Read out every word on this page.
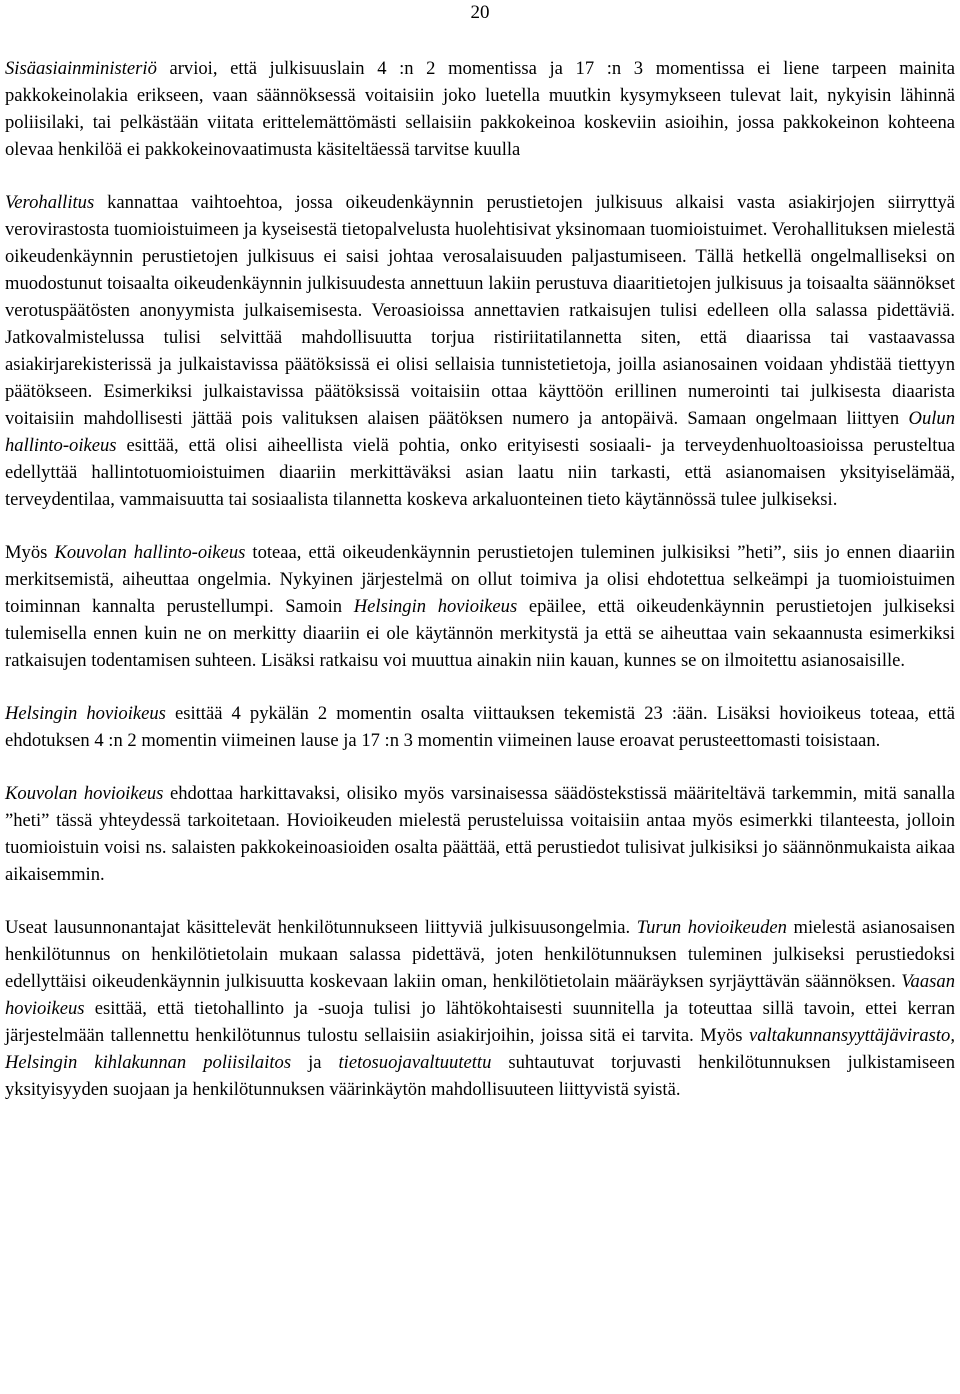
20

Sisäasiainministeriö arvioi, että julkisuuslain 4 :n 2 momentissa ja 17 :n 3 momentissa ei liene tarpeen mainita pakkokeinolakia erikseen, vaan säännöksessä voitaisiin joko luetella muutkin kysymykseen tulevat lait, nykyisin lähinnä poliisilaki, tai pelkästään viitata erittelemättömästi sellaisiin pakkokeinoa koskeviin asioihin, jossa pakkokeinon kohteena olevaa henkilöä ei pakkokeinovaatimusta käsiteltäessä tarvitse kuulla

Verohallitus kannattaa vaihtoehtoa, jossa oikeudenkäynnin perustietojen julkisuus alkaisi vasta asiakirjojen siirryttyä verovirastosta tuomioistuimeen ja kyseisestä tietopalvelusta huolehtisivat yksinomaan tuomioistuimet. Verohallituksen mielestä oikeudenkäynnin perustietojen julkisuus ei saisi johtaa verosalaisuuden paljastumiseen. Tällä hetkellä ongelmalliseksi on muodostunut toisaalta oikeudenkäynnin julkisuudesta annettuun lakiin perustuva diaaritietojen julkisuus ja toisaalta säännökset verotuspäätösten anonyymista julkaisemisesta. Veroasioissa annettavien ratkaisujen tulisi edelleen olla salassa pidettäviä. Jatkovalmistelussa tulisi selvittää mahdollisuutta torjua ristiriitatilannetta siten, että diaarissa tai vastaavassa asiakirjarekisterissä ja julkaistavissa päätöksissä ei olisi sellaisia tunnistetietoja, joilla asianosainen voidaan yhdistää tiettyyn päätökseen. Esimerkiksi julkaistavissa päätöksissä voitaisiin ottaa käyttöön erillinen numerointi tai julkisesta diaarista voitaisiin mahdollisesti jättää pois valituksen alaisen päätöksen numero ja antopäivä. Samaan ongelmaan liittyen Oulun hallinto-oikeus esittää, että olisi aiheellista vielä pohtia, onko erityisesti sosiaali- ja terveydenhuoltoasioissa perusteltua edellyttää hallintotuomioistuimen diaariin merkittäväksi asian laatu niin tarkasti, että asianomaisen yksityiselämää, terveydentilaa, vammaisuutta tai sosiaalista tilannetta koskeva arkaluonteinen tieto käytännössä tulee julkiseksi.

Myös Kouvolan hallinto-oikeus toteaa, että oikeudenkäynnin perustietojen tuleminen julkisiksi ”heti”, siis jo ennen diaariin merkitsemistä, aiheuttaa ongelmia. Nykyinen järjestelmä on ollut toimiva ja olisi ehdotettua selkeämpi ja tuomioistuimen toiminnan kannalta perustellumpi. Samoin Helsingin hovioikeus epäilee, että oikeudenkäynnin perustietojen julkiseksi tulemisella ennen kuin ne on merkitty diaariin ei ole käytännön merkitystä ja että se aiheuttaa vain sekaannusta esimerkiksi ratkaisujen todentamisen suhteen. Lisäksi ratkaisu voi muuttua ainakin niin kauan, kunnes se on ilmoitettu asianosaisille.

Helsingin hovioikeus esittää 4 pykälän 2 momentin osalta viittauksen tekemistä 23 :ään. Lisäksi hovioikeus toteaa, että ehdotuksen 4 :n 2 momentin viimeinen lause ja 17 :n 3 momentin viimeinen lause eroavat perusteettomasti toisistaan.

Kouvolan hovioikeus ehdottaa harkittavaksi, olisiko myös varsinaisessa säädöstekstissä määriteltävä tarkemmin, mitä sanalla ”heti” tässä yhteydessä tarkoitetaan. Hovioikeuden mielestä perusteluissa voitaisiin antaa myös esimerkki tilanteesta, jolloin tuomioistuin voisi ns. salaisten pakkokeinoasioiden osalta päättää, että perustiedot tulisivat julkisiksi jo säännönmukaista aikaa aikaisemmin.

Useat lausunnonantajat käsittelevät henkilötunnukseen liittyviä julkisuusongelmia. Turun hovioikeuden mielestä asianosaisen henkilötunnus on henkilötietolain mukaan salassa pidettävä, joten henkilötunnuksen tuleminen julkiseksi perustiedoksi edellyttäisi oikeudenkäynnin julkisuutta koskevaan lakiin oman, henkilötietolain määräyksen syrjäyttävän säännöksen. Vaasan hovioikeus esittää, että tietohallinto ja -suoja tulisi jo lähtökohtaisesti suunnitella ja toteuttaa sillä tavoin, ettei kerran järjestelmään tallennettu henkilötunnus tulostu sellaisiin asiakirjoihin, joissa sitä ei tarvita. Myös valtakunnansyyttäjävirasto, Helsingin kihlakunnan poliisilaitos ja tietosuojavaltuutettu suhtautuvat torjuvasti henkilötunnuksen julkistamiseen yksityisyyden suojaan ja henkilötunnuksen väärinkäytön mahdollisuuteen liittyvistä syistä.
